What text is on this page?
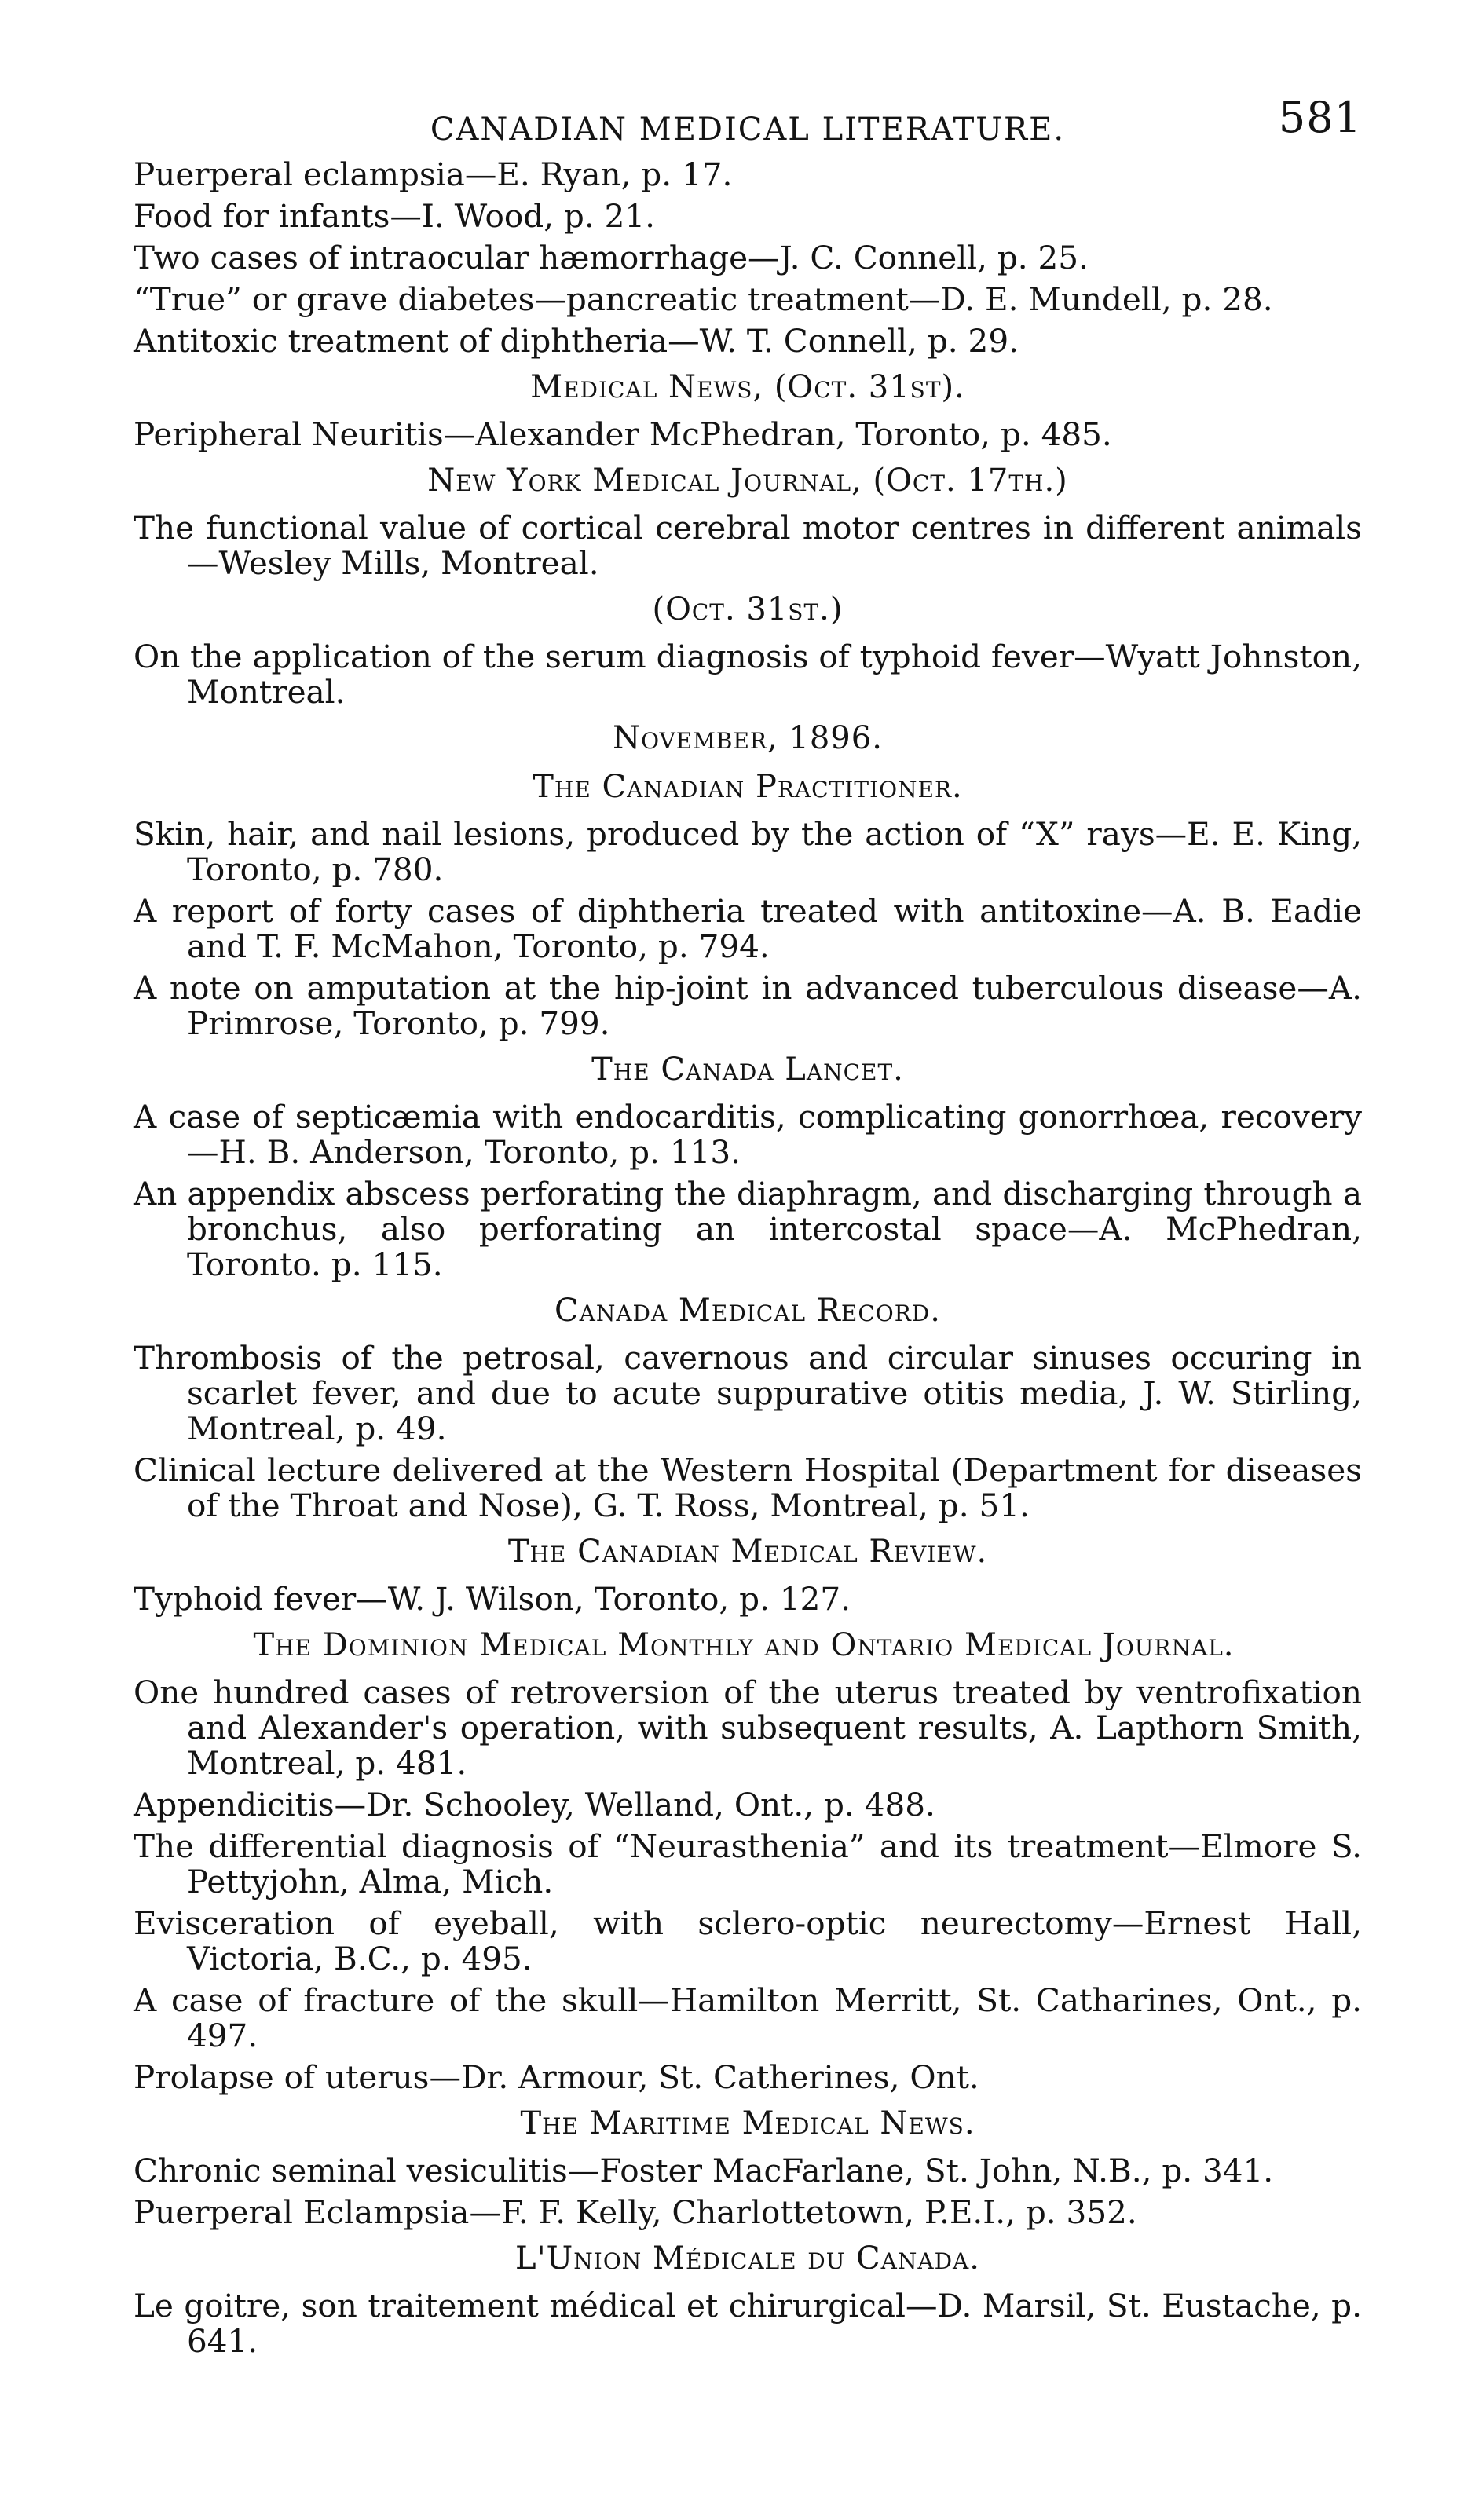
CANADIAN MEDICAL LITERATURE.	581

Puerperal eclampsia—E. Ryan, p. 17.

Food for infants—I. Wood, p. 21.

Two cases of intraocular hæmorrhage—J. C. Connell, p. 25.

“True” or grave diabetes—pancreatic treatment—D. E. Mundell, p. 28.

Antitoxic treatment of diphtheria—W. T. Connell, p. 29.

Medical News, (Oct. 31st).

Peripheral Neuritis—Alexander McPhedran, Toronto, p. 485.

New York Medical Journal, (Oct. 17th.)

The functional value of cortical cerebral motor centres in different animals—Wesley Mills, Montreal.

(Oct. 31st.)

On the application of the serum diagnosis of typhoid fever—Wyatt Johnston, Montreal.

November, 1896.
The Canadian Practitioner.

Skin, hair, and nail lesions, produced by the action of “X” rays—E. E. King, Toronto, p. 780.

A report of forty cases of diphtheria treated with antitoxine—A. B. Eadie and T. F. McMahon, Toronto, p. 794.

A note on amputation at the hip-joint in advanced tuberculous disease—A. Primrose, Toronto, p. 799.

The Canada Lancet.

A case of septicæmia with endocarditis, complicating gonorrhœa, recovery—H. B. Anderson, Toronto, p. 113.

An appendix abscess perforating the diaphragm, and discharging through a bronchus, also perforating an intercostal space—A. McPhedran, Toronto. p. 115.

Canada Medical Record.

Thrombosis of the petrosal, cavernous and circular sinuses occuring in scarlet fever, and due to acute suppurative otitis media, J. W. Stirling, Montreal, p. 49.

Clinical lecture delivered at the Western Hospital (Department for diseases of the Throat and Nose), G. T. Ross, Montreal, p. 51.

The Canadian Medical Review.

Typhoid fever—W. J. Wilson, Toronto, p. 127.

The Dominion Medical Monthly and Ontario Medical Journal.

One hundred cases of retroversion of the uterus treated by ventrofixation and Alexander's operation, with subsequent results, A. Lapthorn Smith, Montreal, p. 481.

Appendicitis—Dr. Schooley, Welland, Ont., p. 488.

The differential diagnosis of “Neurasthenia” and its treatment—Elmore S. Pettyjohn, Alma, Mich.

Evisceration of eyeball, with sclero-optic neurectomy—Ernest Hall, Victoria, B.C., p. 495.

A case of fracture of the skull—Hamilton Merritt, St. Catharines, Ont., p. 497.

Prolapse of uterus—Dr. Armour, St. Catherines, Ont.

The Maritime Medical News.

Chronic seminal vesiculitis—Foster MacFarlane, St. John, N.B., p. 341.

Puerperal Eclampsia—F. F. Kelly, Charlottetown, P.E.I., p. 352.

L'Union Médicale du Canada.

Le goitre, son traitement médical et chirurgical—D. Marsil, St. Eustache, p. 641.
